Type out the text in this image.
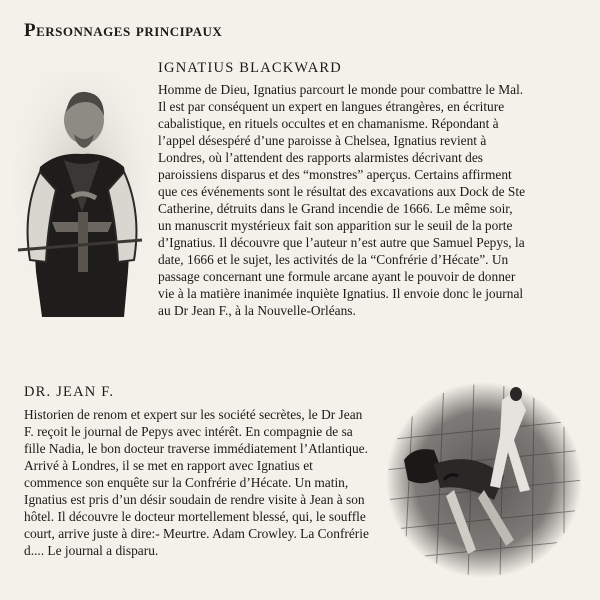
Personnages principaux
IGNATIUS BLACKWARD
Homme de Dieu, Ignatius parcourt le monde pour combattre le Mal. Il est par conséquent un expert en langues étrangères, en écriture cabalistique, en rituels occultes et en chamanisme. Répondant à l’appel désespéré d’une paroisse à Chelsea, Ignatius revient à Londres, où l’attendent des rapports alarmistes décrivant des paroissiens disparus et des “monstres” aperçus. Certains affirment que ces événements sont le résultat des excavations aux Dock de Ste Catherine, détruits dans le Grand incendie de 1666. Le même soir, un manuscrit mystérieux fait son apparition sur le seuil de la porte d’Ignatius. Il découvre que l’auteur n’est autre que Samuel Pepys, la date, 1666 et le sujet, les activités de la “Confrérie d’Hécate”. Un passage concernant une formule arcane ayant le pouvoir de donner vie à la matière inanimée inquiète Ignatius. Il envoie donc le journal au Dr Jean F., à la Nouvelle-Orléans.
DR. JEAN F.
Historien de renom et expert sur les société secrètes, le Dr Jean F. reçoit le journal de Pepys avec intérêt. En compagnie de sa fille Nadia, le bon docteur traverse immédiatement l’Atlantique. Arrivé à Londres, il se met en rapport avec Ignatius et commence son enquête sur la Confrérie d’Hécate. Un matin, Ignatius est pris d’un désir soudain de rendre visite à Jean à son hôtel. Il découvre le docteur mortellement blessé, qui, le souffle court, arrive juste à dire:- Meurtre. Adam Crowley. La Confrérie d.... Le journal a disparu.
